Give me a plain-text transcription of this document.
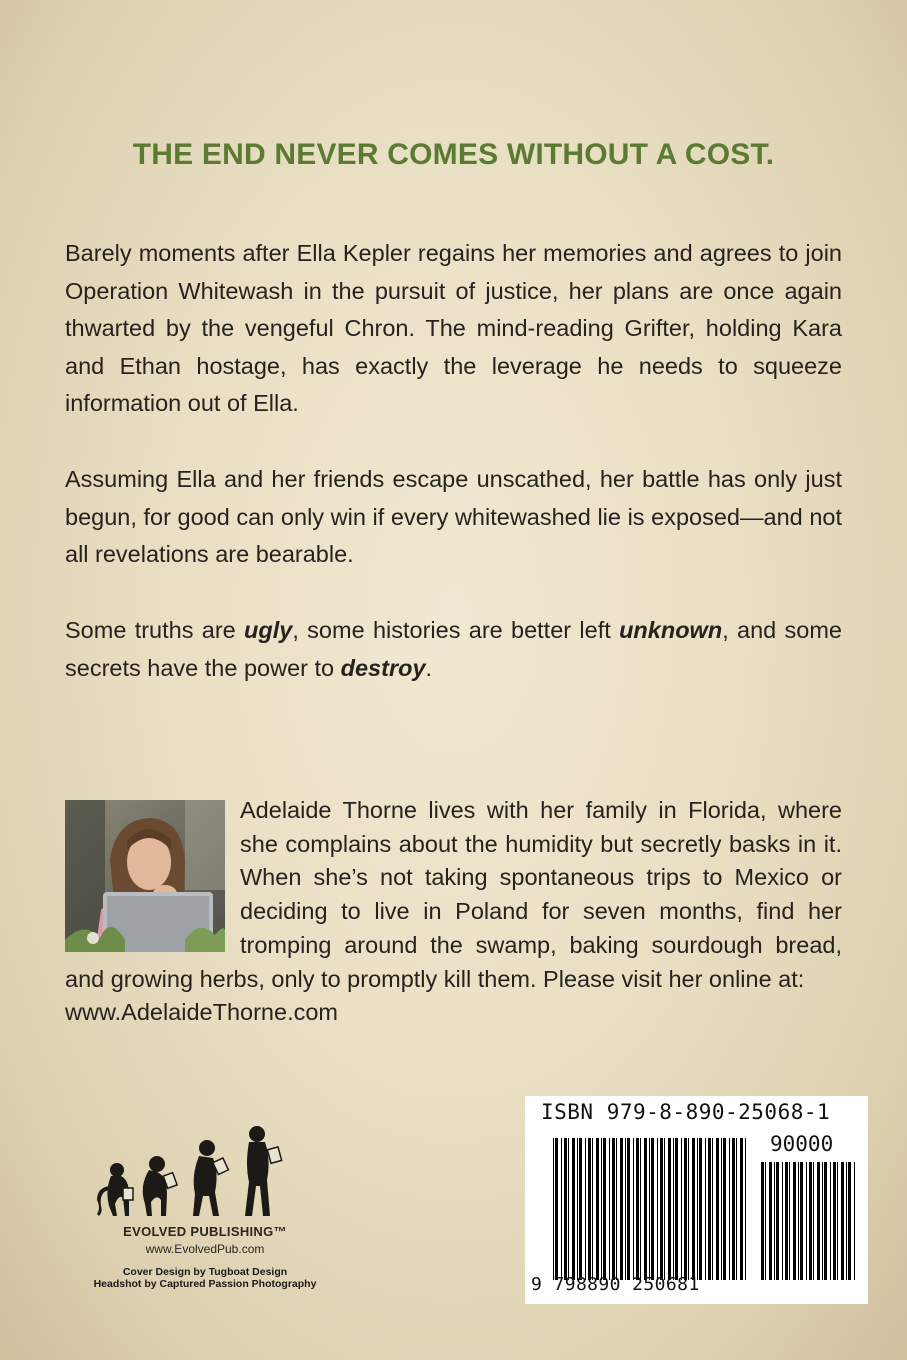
THE END NEVER COMES WITHOUT A COST.

Barely moments after Ella Kepler regains her memories and agrees to join Operation Whitewash in the pursuit of justice, her plans are once again thwarted by the vengeful Chron. The mind-reading Grifter, holding Kara and Ethan hostage, has exactly the leverage he needs to squeeze information out of Ella.

Assuming Ella and her friends escape unscathed, her battle has only just begun, for good can only win if every whitewashed lie is exposed—and not all revelations are bearable.

Some truths are ugly, some histories are better left unknown, and some secrets have the power to destroy.

Adelaide Thorne lives with her family in Florida, where she complains about the humidity but secretly basks in it. When she’s not taking spontaneous trips to Mexico or deciding to live in Poland for seven months, find her tromping around the swamp, baking sourdough bread, and growing herbs, only to promptly kill them. Please visit her online at:
www.AdelaideThorne.com

EVOLVED PUBLISHING™
www.EvolvedPub.com
Cover Design by Tugboat Design
Headshot by Captured Passion Photography
ISBN 979-8-890-25068-1
90000
9 798890 250681
